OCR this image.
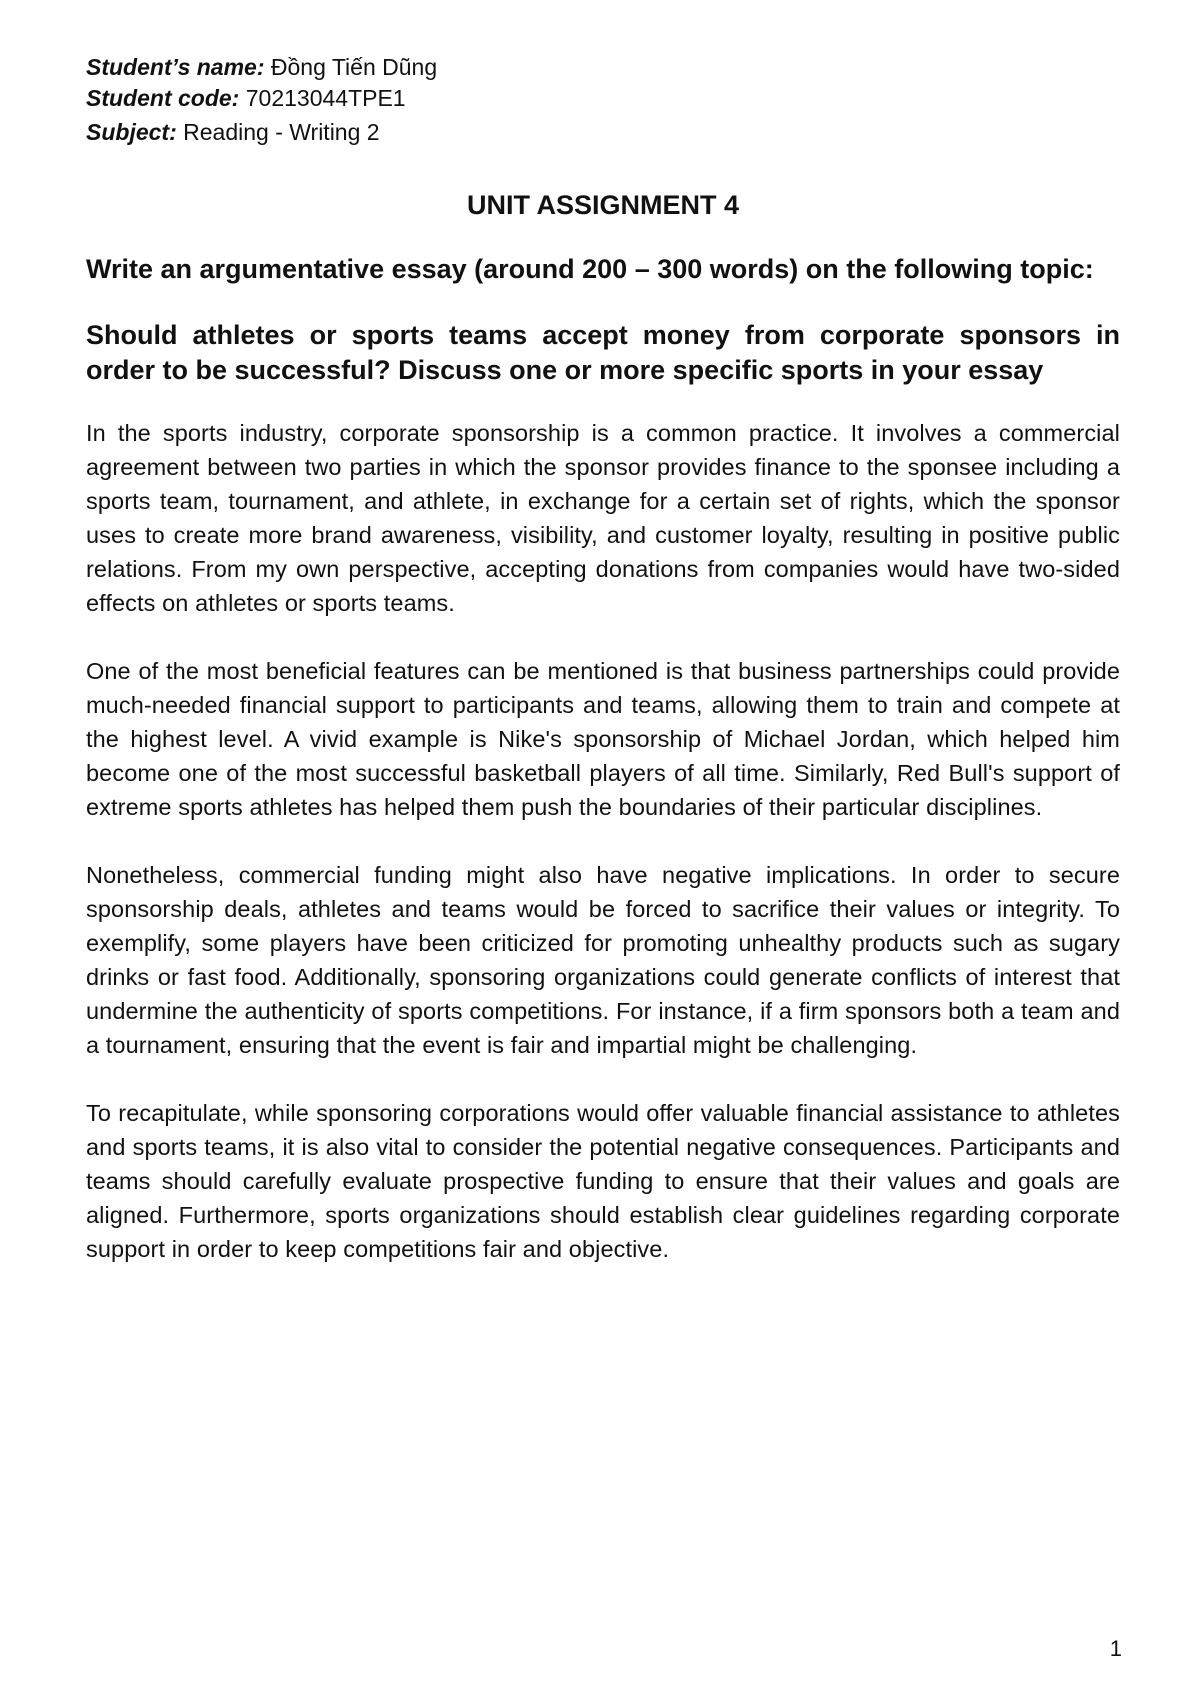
Student’s name: Đồng Tiến Dũng

Student code: 70213044TPE1

Subject: Reading - Writing 2

UNIT ASSIGNMENT 4

Write an argumentative essay (around 200 – 300 words) on the following topic:

Should athletes or sports teams accept money from corporate sponsors in order to be successful? Discuss one or more specific sports in your essay

In the sports industry, corporate sponsorship is a common practice. It involves a commercial agreement between two parties in which the sponsor provides finance to the sponsee including a sports team, tournament, and athlete, in exchange for a certain set of rights, which the sponsor uses to create more brand awareness, visibility, and customer loyalty, resulting in positive public relations. From my own perspective, accepting donations from companies would have two-sided effects on athletes or sports teams.

One of the most beneficial features can be mentioned is that business partnerships could provide much-needed financial support to participants and teams, allowing them to train and compete at the highest level. A vivid example is Nike's sponsorship of Michael Jordan, which helped him become one of the most successful basketball players of all time. Similarly, Red Bull's support of extreme sports athletes has helped them push the boundaries of their particular disciplines.

Nonetheless, commercial funding might also have negative implications. In order to secure sponsorship deals, athletes and teams would be forced to sacrifice their values or integrity. To exemplify, some players have been criticized for promoting unhealthy products such as sugary drinks or fast food. Additionally, sponsoring organizations could generate conflicts of interest that undermine the authenticity of sports competitions. For instance, if a firm sponsors both a team and a tournament, ensuring that the event is fair and impartial might be challenging.

To recapitulate, while sponsoring corporations would offer valuable financial assistance to athletes and sports teams, it is also vital to consider the potential negative consequences. Participants and teams should carefully evaluate prospective funding to ensure that their values and goals are aligned. Furthermore, sports organizations should establish clear guidelines regarding corporate support in order to keep competitions fair and objective.

1
